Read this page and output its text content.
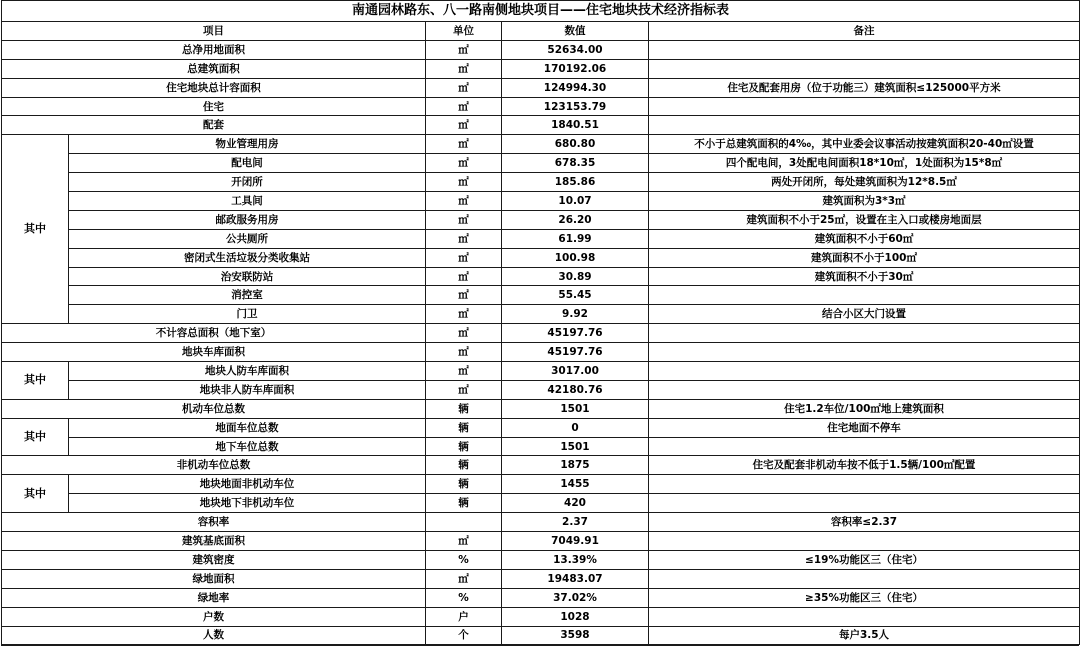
南通园林路东、八一路南侧地块项目——住宅地块技术经济指标表				
项目		单位	数值	备注
总净用地面积		㎡	52634.00	
总建筑面积		㎡	170192.06	
住宅地块总计容面积		㎡	124994.30	住宅及配套用房（位于功能三）建筑面积≤125000平方米
住宅		㎡	123153.79	
配套		㎡	1840.51	
其中	物业管理用房	㎡	680.80	不小于总建筑面积的4‰，其中业委会议事活动按建筑面积20-40㎡设置
	配电间	㎡	678.35	四个配电间，3处配电间面积18*10㎡，1处面积为15*8㎡
	开闭所	㎡	185.86	两处开闭所，每处建筑面积为12*8.5㎡
	工具间	㎡	10.07	建筑面积为3*3㎡
	邮政服务用房	㎡	26.20	建筑面积不小于25㎡，设置在主入口或楼房地面层
	公共厕所	㎡	61.99	建筑面积不小于60㎡
	密闭式生活垃圾分类收集站	㎡	100.98	建筑面积不小于100㎡
	治安联防站	㎡	30.89	建筑面积不小于30㎡
	消控室	㎡	55.45	
	门卫	㎡	9.92	结合小区大门设置
不计容总面积（地下室）		㎡	45197.76	
地块车库面积		㎡	45197.76	
其中	地块人防车库面积	㎡	3017.00	
	地块非人防车库面积	㎡	42180.76	
机动车位总数		辆	1501	住宅1.2车位/100㎡地上建筑面积
其中	地面车位总数	辆	0	住宅地面不停车
	地下车位总数	辆	1501	
非机动车位总数		辆	1875	住宅及配套非机动车按不低于1.5辆/100㎡配置
其中	地块地面非机动车位	辆	1455	
	地块地下非机动车位	辆	420	
容积率			2.37	容积率≤2.37
建筑基底面积		㎡	7049.91	
建筑密度		%	13.39%	≤19%功能区三（住宅）
绿地面积		㎡	19483.07	
绿地率		%	37.02%	≥35%功能区三（住宅）
户数		户	1028	
人数		个	3598	每户3.5人
